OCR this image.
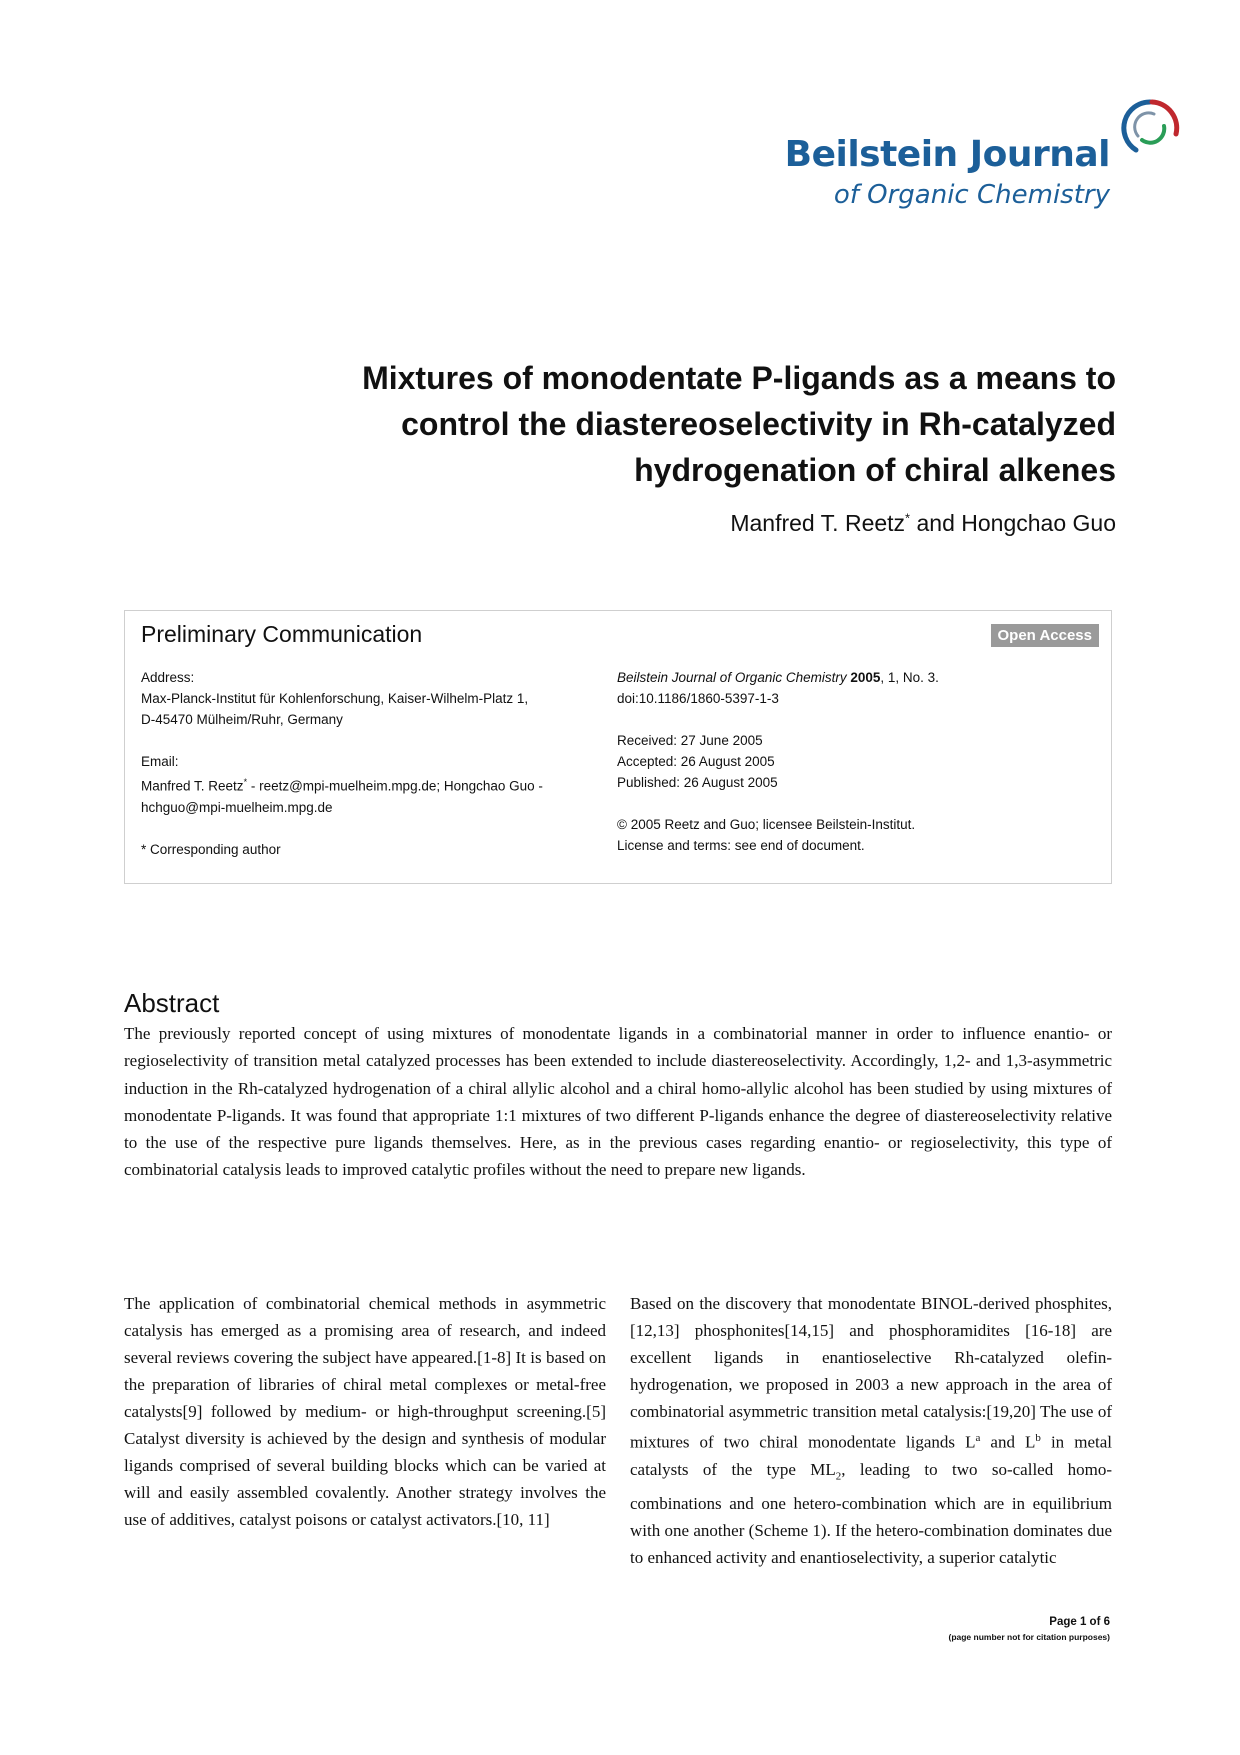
Beilstein Journal
of Organic Chemistry
Mixtures of monodentate P-ligands as a means to control the diastereoselectivity in Rh-catalyzed hydrogenation of chiral alkenes
Manfred T. Reetz* and Hongchao Guo
Preliminary Communication	Open Access
Address:
Max-Planck-Institut für Kohlenforschung, Kaiser-Wilhelm-Platz 1,
D-45470 Mülheim/Ruhr, Germany
Email:
Manfred T. Reetz* - reetz@mpi-muelheim.mpg.de; Hongchao Guo -
hchguo@mpi-muelheim.mpg.de
* Corresponding author
Beilstein Journal of Organic Chemistry 2005, 1, No. 3.
doi:10.1186/1860-5397-1-3
Received: 27 June 2005
Accepted: 26 August 2005
Published: 26 August 2005
© 2005 Reetz and Guo; licensee Beilstein-Institut.
License and terms: see end of document.
Abstract
The previously reported concept of using mixtures of monodentate ligands in a combinatorial manner in order to influence enantio- or regioselectivity of transition metal catalyzed processes has been extended to include diastereoselectivity. Accordingly, 1,2- and 1,3-asymmetric induction in the Rh-catalyzed hydrogenation of a chiral allylic alcohol and a chiral homo-allylic alcohol has been studied by using mixtures of monodentate P-ligands. It was found that appropriate 1:1 mixtures of two different P-ligands enhance the degree of diastereoselectivity relative to the use of the respective pure ligands themselves. Here, as in the previous cases regarding enantio- or regioselectivity, this type of combinatorial catalysis leads to improved catalytic profiles without the need to prepare new ligands.
The application of combinatorial chemical methods in asymmetric catalysis has emerged as a promising area of research, and indeed several reviews covering the subject have appeared.[1-8] It is based on the preparation of libraries of chiral metal complexes or metal-free catalysts[9] followed by medium- or high-throughput screening.[5] Catalyst diversity is achieved by the design and synthesis of modular ligands comprised of several building blocks which can be varied at will and easily assembled covalently. Another strategy involves the use of additives, catalyst poisons or catalyst activators.[10, 11]
Based on the discovery that monodentate BINOL-derived phosphites,[12,13] phosphonites[14,15] and phosphoramidites [16-18] are excellent ligands in enantioselective Rh-catalyzed olefin-hydrogenation, we proposed in 2003 a new approach in the area of combinatorial asymmetric transition metal catalysis:[19,20] The use of mixtures of two chiral monodentate ligands $L^a$ and $L^b$ in metal catalysts of the type $ML_2$, leading to two so-called homo-combinations and one hetero-combination which are in equilibrium with one another (Scheme 1). If the hetero-combination dominates due to enhanced activity and enantioselectivity, a superior catalytic
Page 1 of 6
(page number not for citation purposes)
